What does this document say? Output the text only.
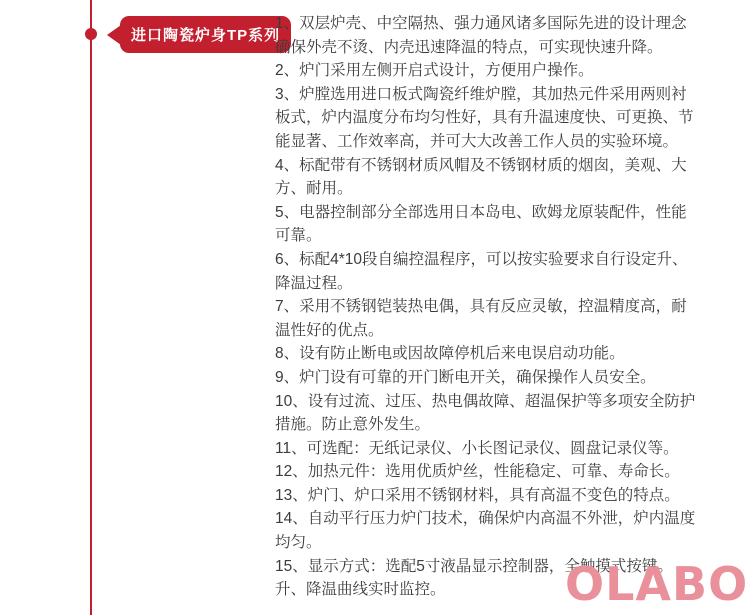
进口陶瓷炉身TP系列

1、双层炉壳、中空隔热、强力通风诸多国际先进的设计理念确保外壳不烫、内壳迅速降温的特点，可实现快速升降。

2、炉门采用左侧开启式设计，方便用户操作。

3、炉膛选用进口板式陶瓷纤维炉膛，其加热元件采用两则衬板式，炉内温度分布均匀性好，具有升温速度快、可更换、节能显著、工作效率高，并可大大改善工作人员的实验环境。

4、标配带有不锈钢材质风帽及不锈钢材质的烟囱，美观、大方、耐用。

5、电器控制部分全部选用日本岛电、欧姆龙原装配件，性能可靠。

6、标配4*10段自编控温程序，可以按实验要求自行设定升、降温过程。

7、采用不锈钢铠装热电偶，具有反应灵敏，控温精度高，耐温性好的优点。

8、设有防止断电或因故障停机后来电误启动功能。

9、炉门设有可靠的开门断电开关，确保操作人员安全。

10、设有过流、过压、热电偶故障、超温保护等多项安全防护措施。防止意外发生。

11、可选配：无纸记录仪、小长图记录仪、圆盘记录仪等。

12、加热元件：选用优质炉丝，性能稳定、可靠、寿命长。

13、炉门、炉口采用不锈钢材料，具有高温不变色的特点。

14、自动平行压力炉门技术，确保炉内高温不外泄，炉内温度均匀。

15、显示方式：选配5寸液晶显示控制器，全触摸式按键。升、降温曲线实时监控。	OLABO
